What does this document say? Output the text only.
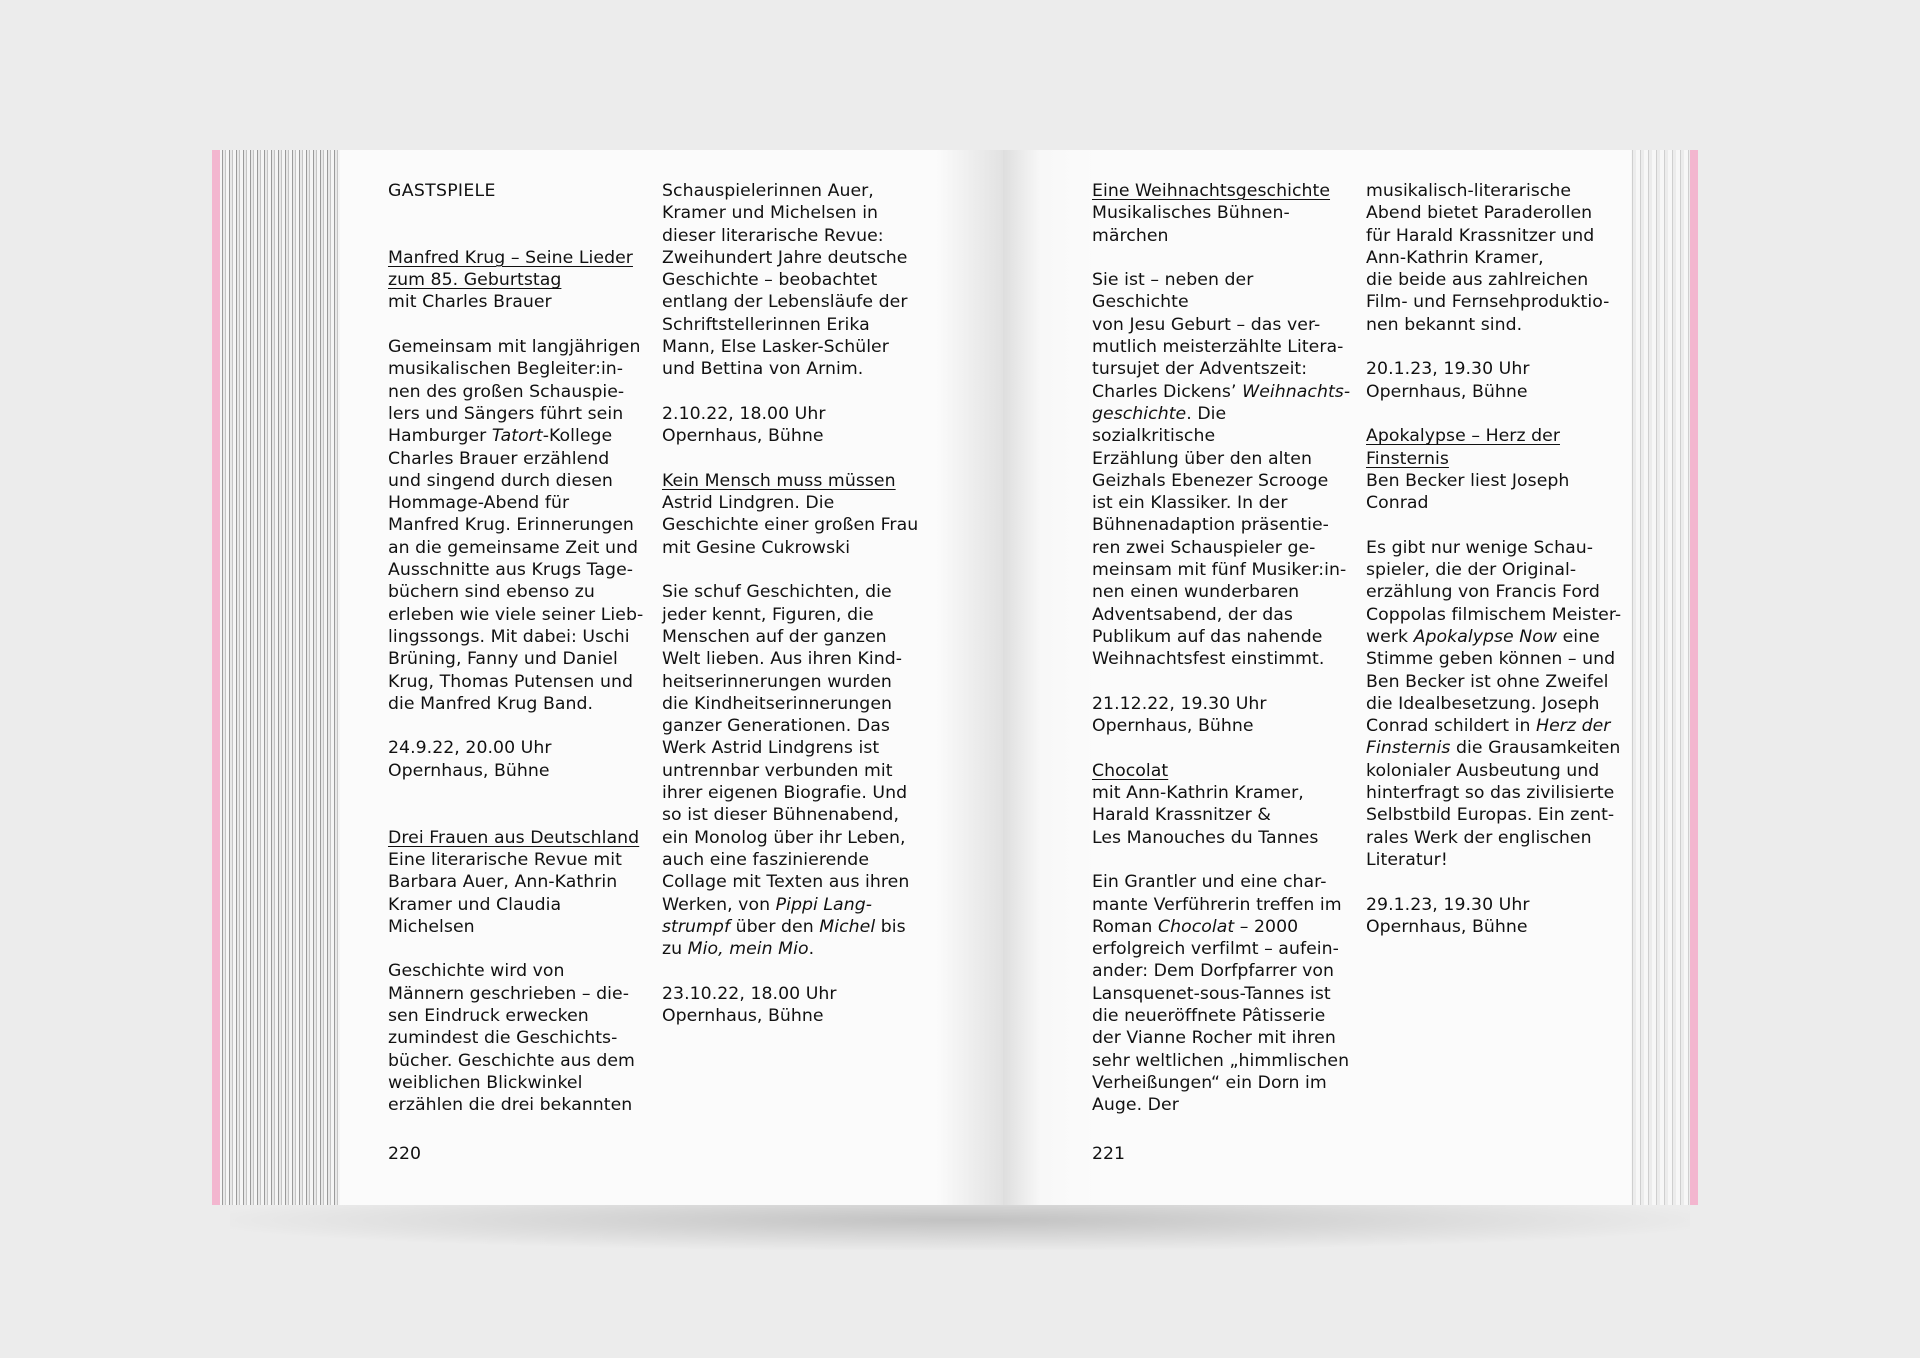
GASTSPIELE

Manfred Krug – Seine Lieder
zum 85. Geburtstag

mit Charles Brauer

Gemeinsam mit langjährigen
musikalischen Begleiter:in-
nen des großen Schauspie-
lers und Sängers führt sein
Hamburger Tatort-Kollege
Charles Brauer erzählend
und singend durch diesen
Hommage-Abend für
Manfred Krug. Erinnerungen
an die gemeinsame Zeit und
Ausschnitte aus Krugs Tage-
büchern sind ebenso zu
erleben wie viele seiner Lieb-
lingssongs. Mit dabei: Uschi
Brüning, Fanny und Daniel
Krug, Thomas Putensen und
die Manfred Krug Band.

24.9.22, 20.00 Uhr
Opernhaus, Bühne

Drei Frauen aus Deutschland

Eine literarische Revue mit
Barbara Auer, Ann-Kathrin
Kramer und Claudia Michelsen

Geschichte wird von
Männern geschrieben – die-
sen Eindruck erwecken
zumindest die Geschichts-
bücher. Geschichte aus dem
weiblichen Blickwinkel
erzählen die drei bekannten

Schauspielerinnen Auer,
Kramer und Michelsen in
dieser literarische Revue:
Zweihundert Jahre deutsche
Geschichte – beobachtet
entlang der Lebensläufe der
Schriftstellerinnen Erika
Mann, Else Lasker-Schüler
und Bettina von Arnim.

2.10.22, 18.00 Uhr
Opernhaus, Bühne

Kein Mensch muss müssen

Astrid Lindgren. Die
Geschichte einer großen Frau
mit Gesine Cukrowski

Sie schuf Geschichten, die
jeder kennt, Figuren, die
Menschen auf der ganzen
Welt lieben. Aus ihren Kind-
heitserinnerungen wurden
die Kindheitserinnerungen
ganzer Generationen. Das
Werk Astrid Lindgrens ist
untrennbar verbunden mit
ihrer eigenen Biografie. Und
so ist dieser Bühnenabend,
ein Monolog über ihr Leben,
auch eine faszinierende
Collage mit Texten aus ihren
Werken, von Pippi Lang-
strumpf über den Michel bis
zu Mio, mein Mio.

23.10.22, 18.00 Uhr
Opernhaus, Bühne

220

Eine Weihnachtsgeschichte

Musikalisches Bühnen-
märchen

Sie ist – neben der Geschichte
von Jesu Geburt – das ver-
mutlich meisterzählte Litera-
tursujet der Adventszeit:
Charles Dickens’ Weihnachts-
geschichte. Die sozialkritische
Erzählung über den alten
Geizhals Ebenezer Scrooge
ist ein Klassiker. In der
Bühnenadaption präsentie-
ren zwei Schauspieler ge-
meinsam mit fünf Musiker:in-
nen einen wunderbaren
Adventsabend, der das
Publikum auf das nahende
Weihnachtsfest einstimmt.

21.12.22, 19.30 Uhr
Opernhaus, Bühne

Chocolat

mit Ann-Kathrin Kramer,
Harald Krassnitzer &
Les Manouches du Tannes

Ein Grantler und eine char-
mante Verführerin treffen im
Roman Chocolat – 2000
erfolgreich verfilmt – aufein-
ander: Dem Dorfpfarrer von
Lansquenet-sous-Tannes ist
die neueröffnete Pâtisserie
der Vianne Rocher mit ihren
sehr weltlichen „himmlischen
Verheißungen“ ein Dorn im
Auge. Der

musikalisch-literarische
Abend bietet Paraderollen
für Harald Krassnitzer und
Ann-Kathrin Kramer,
die beide aus zahlreichen
Film- und Fernsehproduktio-
nen bekannt sind.

20.1.23, 19.30 Uhr
Opernhaus, Bühne

Apokalypse – Herz der
Finsternis

Ben Becker liest Joseph
Conrad

Es gibt nur wenige Schau-
spieler, die der Original-
erzählung von Francis Ford
Coppolas filmischem Meister-
werk Apokalypse Now eine
Stimme geben können – und
Ben Becker ist ohne Zweifel
die Idealbesetzung. Joseph
Conrad schildert in Herz der
Finsternis die Grausamkeiten
kolonialer Ausbeutung und
hinterfragt so das zivilisierte
Selbstbild Europas. Ein zent-
rales Werk der englischen
Literatur!

29.1.23, 19.30 Uhr
Opernhaus, Bühne

221
